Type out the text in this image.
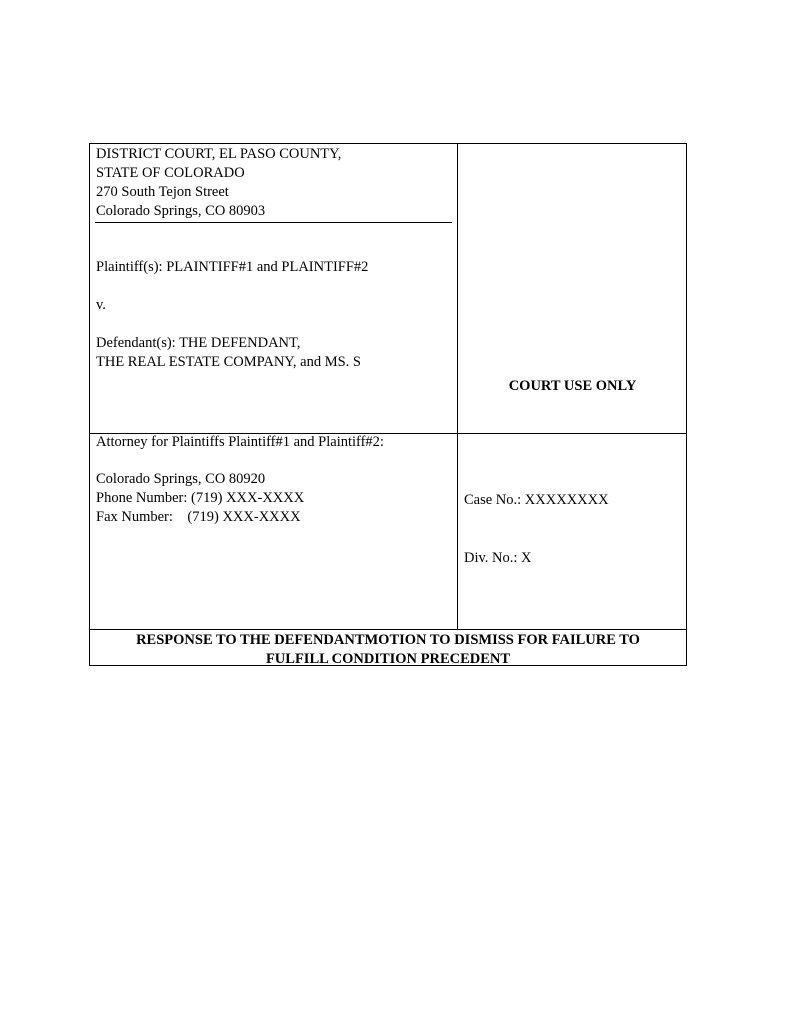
DISTRICT COURT, EL PASO COUNTY,
STATE OF COLORADO
270 South Tejon Street
Colorado Springs, CO 80903
Plaintiff(s): PLAINTIFF#1 and PLAINTIFF#2
v.
Defendant(s): THE DEFENDANT,
THE REAL ESTATE COMPANY, and MS. S
COURT USE ONLY
Attorney for Plaintiffs Plaintiff#1 and Plaintiff#2:
Colorado Springs, CO 80920
Phone Number: (719) XXX-XXXX
Fax Number:    (719) XXX-XXXX
Case No.: XXXXXXXX
Div. No.: X
RESPONSE TO THE DEFENDANTMOTION TO DISMISS FOR FAILURE TO
FULFILL CONDITION PRECEDENT
